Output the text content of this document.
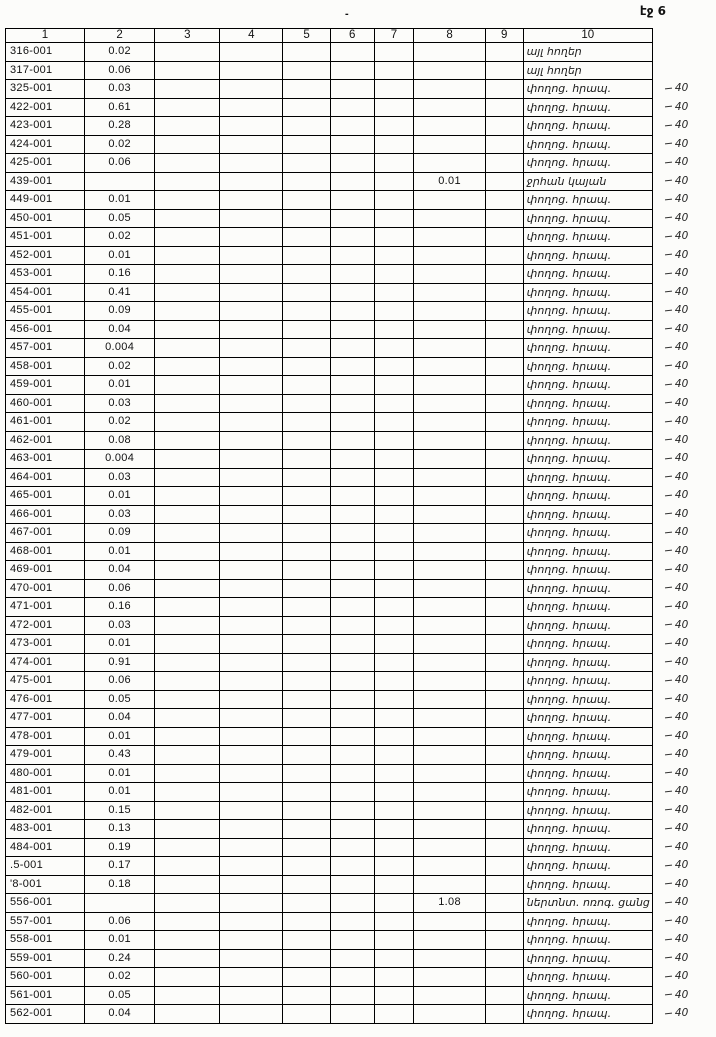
էջ 6
-
1	2	3	4	5	6	7	8	9	10	
316-001	0.02								այլ հողեր	
317-001	0.06								այլ հողեր	
325-001	0.03								փողոց. հրապ.	40
422-001	0.61								փողոց. հրապ.	40
423-001	0.28								փողոց. հրապ.	40
424-001	0.02								փողոց. հրապ.	40
425-001	0.06								փողոց. հրապ.	40
439-001							0.01		ջրհան կայան	40
449-001	0.01								փողոց. հրապ.	40
450-001	0.05								փողոց. հրապ.	40
451-001	0.02								փողոց. հրապ.	40
452-001	0.01								փողոց. հրապ.	40
453-001	0.16								փողոց. հրապ.	40
454-001	0.41								փողոց. հրապ.	40
455-001	0.09								փողոց. հրապ.	40
456-001	0.04								փողոց. հրապ.	40
457-001	0.004								փողոց. հրապ.	40
458-001	0.02								փողոց. հրապ.	40
459-001	0.01								փողոց. հրապ.	40
460-001	0.03								փողոց. հրապ.	40
461-001	0.02								փողոց. հրապ.	40
462-001	0.08								փողոց. հրապ.	40
463-001	0.004								փողոց. հրապ.	40
464-001	0.03								փողոց. հրապ.	40
465-001	0.01								փողոց. հրապ.	40
466-001	0.03								փողոց. հրապ.	40
467-001	0.09								փողոց. հրապ.	40
468-001	0.01								փողոց. հրապ.	40
469-001	0.04								փողոց. հրապ.	40
470-001	0.06								փողոց. հրապ.	40
471-001	0.16								փողոց. հրապ.	40
472-001	0.03								փողոց. հրապ.	40
473-001	0.01								փողոց. հրապ.	40
474-001	0.91								փողոց. հրապ.	40
475-001	0.06								փողոց. հրապ.	40
476-001	0.05								փողոց. հրապ.	40
477-001	0.04								փողոց. հրապ.	40
478-001	0.01								փողոց. հրապ.	40
479-001	0.43								փողոց. հրապ.	40
480-001	0.01								փողոց. հրապ.	40
481-001	0.01								փողոց. հրապ.	40
482-001	0.15								փողոց. հրապ.	40
483-001	0.13								փողոց. հրապ.	40
484-001	0.19								փողոց. հրապ.	40
.5-001	0.17								փողոց. հրապ.	40
'8-001	0.18								փողոց. հրապ.	40
556-001							1.08		ներտնտ. ոռոգ. ցանց	40
557-001	0.06								փողոց. հրապ.	40
558-001	0.01								փողոց. հրապ.	40
559-001	0.24								փողոց. հրապ.	40
560-001	0.02								փողոց. հրապ.	40
561-001	0.05								փողոց. հրապ.	40
562-001	0.04								փողոց. հրապ.	40
